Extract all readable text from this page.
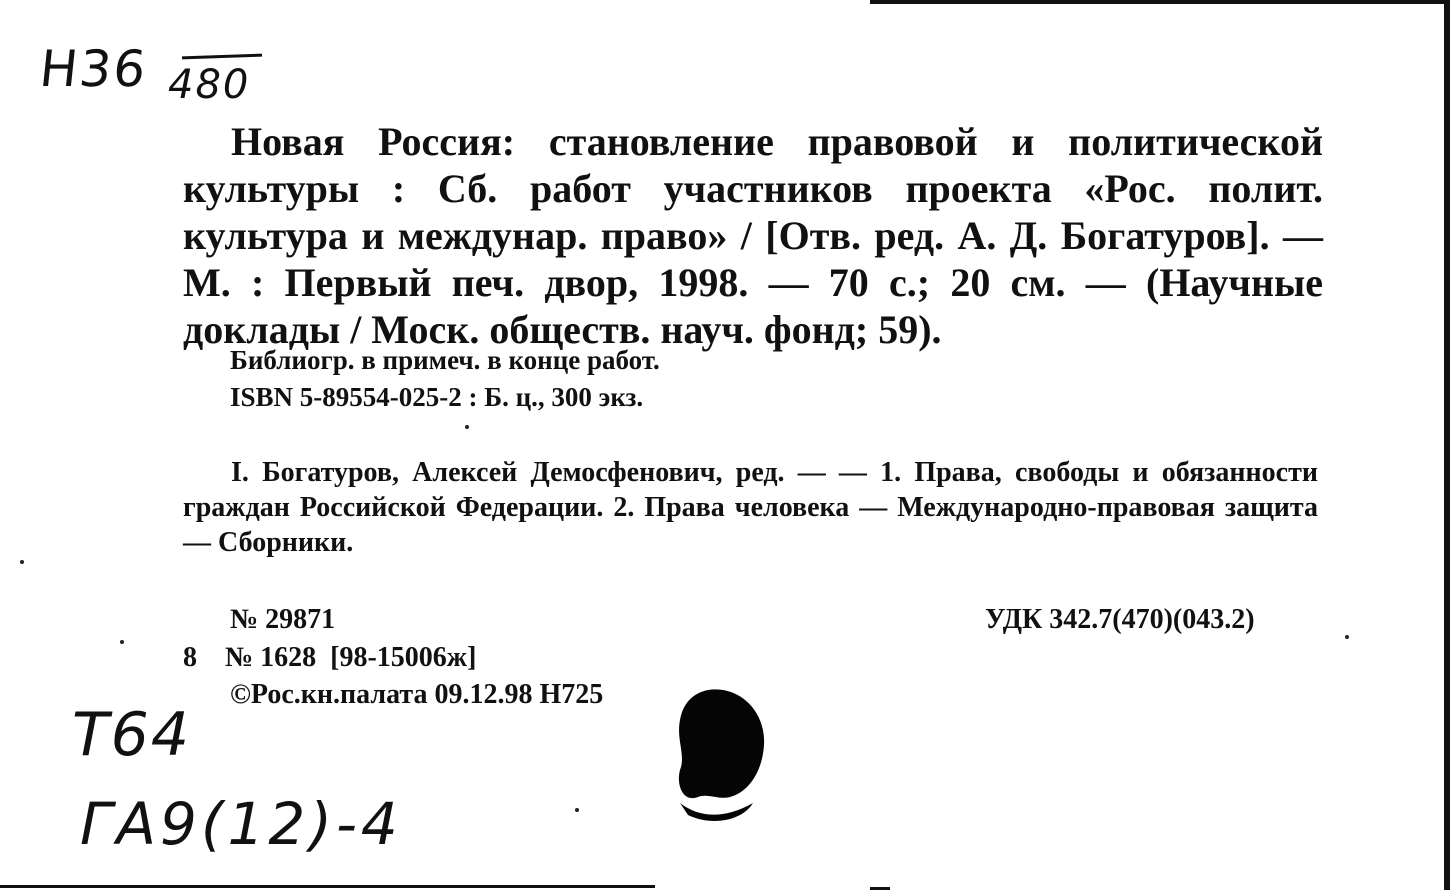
Н36 480
Новая Россия: становление правовой и политической культуры : Сб. работ участников проекта «Рос. полит. культура и междунар. право» / [Отв. ред. А. Д. Богатуров]. — М. : Первый печ. двор, 1998. — 70 с.; 20 см. — (Научные доклады / Моск. обществ. науч. фонд; 59).
Библиогр. в примеч. в конце работ.
ISBN 5-89554-025-2 : Б. ц., 300 экз.
I. Богатуров, Алексей Демосфенович, ред. — — 1. Права, свободы и обязанности граждан Российской Федерации. 2. Права человека — Международно-правовая защита — Сборники.
№ 29871
8 № 1628  [98-15006ж]
©Рос.кн.палата 09.12.98 Н725
УДК 342.7(470)(043.2)
Т64
ГА9(12)-4
